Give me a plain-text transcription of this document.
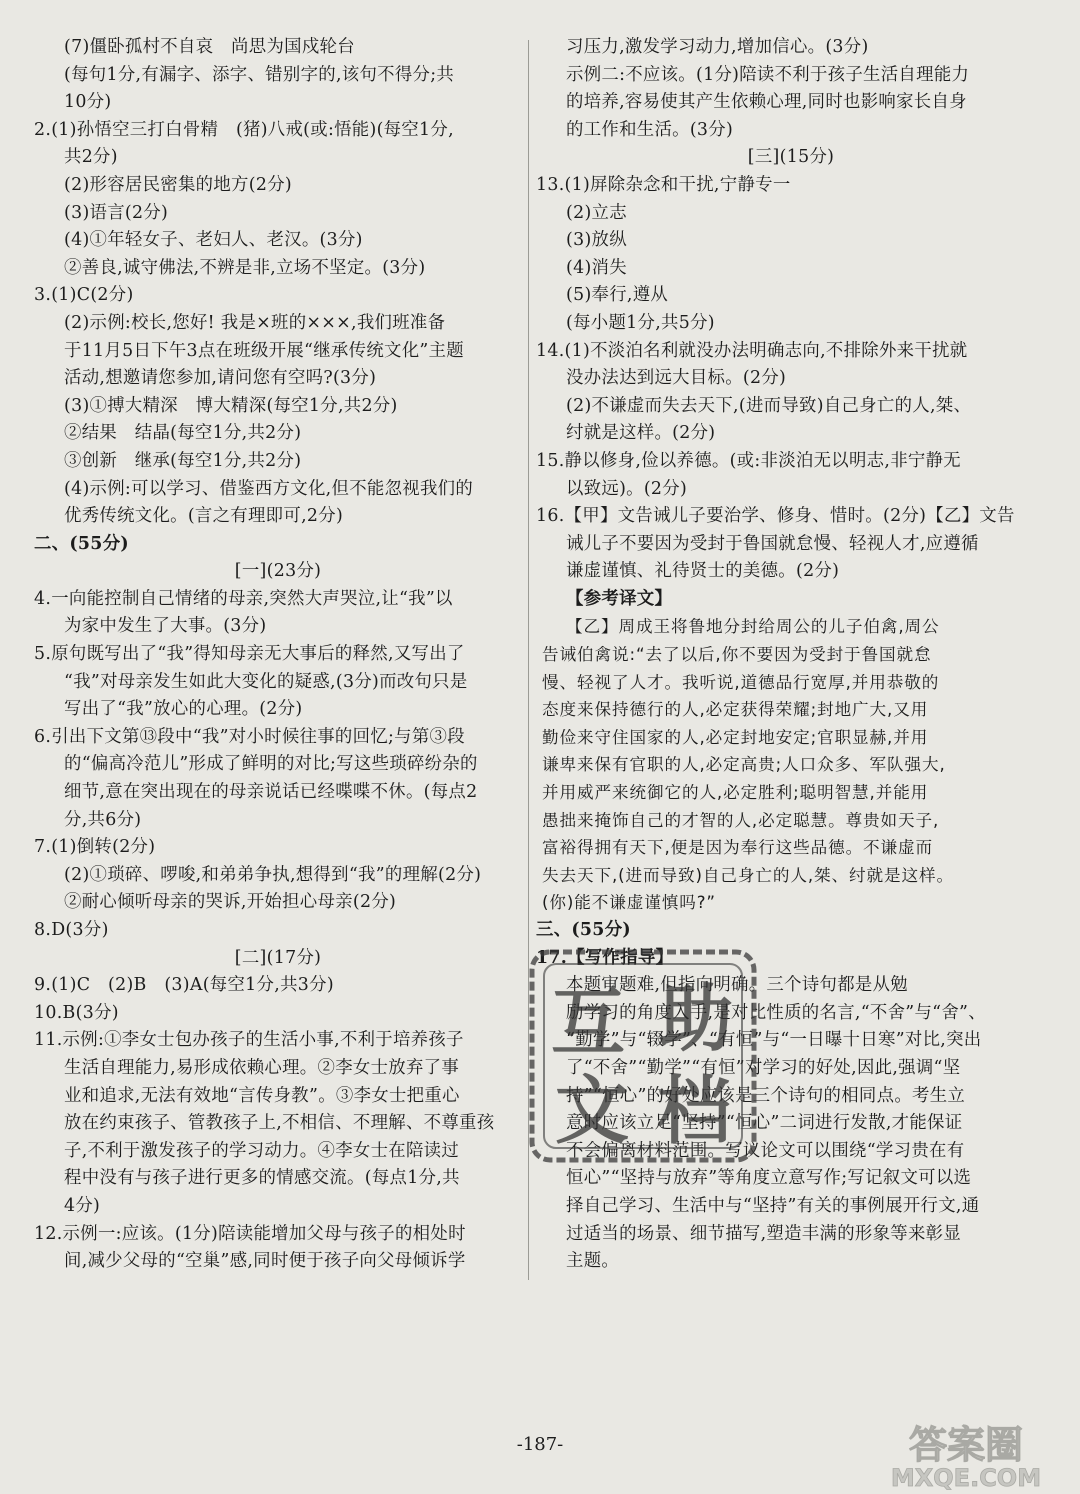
(7)僵卧孤村不自哀　尚思为国戍轮台
(每句1分,有漏字、添字、错别字的,该句不得分;共
10分)
2.(1)孙悟空三打白骨精　(猪)八戒(或:悟能)(每空1分,
共2分)
(2)形容居民密集的地方(2分)
(3)语言(2分)
(4)①年轻女子、老妇人、老汉。(3分)
②善良,诚守佛法,不辨是非,立场不坚定。(3分)
3.(1)C(2分)
(2)示例:校长,您好! 我是×班的×××,我们班准备
于11月5日下午3点在班级开展“继承传统文化”主题
活动,想邀请您参加,请问您有空吗?(3分)
(3)①搏大精深　博大精深(每空1分,共2分)
②结果　结晶(每空1分,共2分)
③创新　继承(每空1分,共2分)
(4)示例:可以学习、借鉴西方文化,但不能忽视我们的
优秀传统文化。(言之有理即可,2分)
二、(55分)
[一](23分)
4.一向能控制自己情绪的母亲,突然大声哭泣,让“我”以
为家中发生了大事。(3分)
5.原句既写出了“我”得知母亲无大事后的释然,又写出了
“我”对母亲发生如此大变化的疑惑,(3分)而改句只是
写出了“我”放心的心理。(2分)
6.引出下文第⑬段中“我”对小时候往事的回忆;与第③段
的“偏高冷范儿”形成了鲜明的对比;写这些琐碎纷杂的
细节,意在突出现在的母亲说话已经喋喋不休。(每点2
分,共6分)
7.(1)倒转(2分)
(2)①琐碎、啰唆,和弟弟争执,想得到“我”的理解(2分)
②耐心倾听母亲的哭诉,开始担心母亲(2分)
8.D(3分)
[二](17分)
9.(1)C　(2)B　(3)A(每空1分,共3分)
10.B(3分)
11.示例:①李女士包办孩子的生活小事,不利于培养孩子
生活自理能力,易形成依赖心理。②李女士放弃了事
业和追求,无法有效地“言传身教”。③李女士把重心
放在约束孩子、管教孩子上,不相信、不理解、不尊重孩
子,不利于激发孩子的学习动力。④李女士在陪读过
程中没有与孩子进行更多的情感交流。(每点1分,共
4分)
12.示例一:应该。(1分)陪读能增加父母与孩子的相处时
间,减少父母的“空巢”感,同时便于孩子向父母倾诉学
习压力,激发学习动力,增加信心。(3分)
示例二:不应该。(1分)陪读不利于孩子生活自理能力
的培养,容易使其产生依赖心理,同时也影响家长自身
的工作和生活。(3分)
[三](15分)
13.(1)屏除杂念和干扰,宁静专一
(2)立志
(3)放纵
(4)消失
(5)奉行,遵从
(每小题1分,共5分)
14.(1)不淡泊名利就没办法明确志向,不排除外来干扰就
没办法达到远大目标。(2分)
(2)不谦虚而失去天下,(进而导致)自己身亡的人,桀、
纣就是这样。(2分)
15.静以修身,俭以养德。(或:非淡泊无以明志,非宁静无
以致远)。(2分)
16.【甲】文告诫儿子要治学、修身、惜时。(2分)【乙】文告
诫儿子不要因为受封于鲁国就怠慢、轻视人才,应遵循
谦虚谨慎、礼待贤士的美德。(2分)
【参考译文】
【乙】周成王将鲁地分封给周公的儿子伯禽,周公
告诫伯禽说:“去了以后,你不要因为受封于鲁国就怠
慢、轻视了人才。我听说,道德品行宽厚,并用恭敬的
态度来保持德行的人,必定获得荣耀;封地广大,又用
勤俭来守住国家的人,必定封地安定;官职显赫,并用
谦卑来保有官职的人,必定高贵;人口众多、军队强大,
并用威严来统御它的人,必定胜利;聪明智慧,并能用
愚拙来掩饰自己的才智的人,必定聪慧。尊贵如天子,
富裕得拥有天下,便是因为奉行这些品德。不谦虚而
失去天下,(进而导致)自己身亡的人,桀、纣就是这样。
(你)能不谦虚谨慎吗?”
三、(55分)
17.【写作指导】
本题审题难,但指向明确。三个诗句都是从勉
励学习的角度入手,是对比性质的名言,“不舍”与“舍”、
“勤学”与“辍学”、“有恒”与“一日曝十日寒”对比,突出
了“不舍”“勤学”“有恒”对学习的好处,因此,强调“坚
持”“恒心”的好处应该是三个诗句的相同点。考生立
意时应该立足“坚持”“恒心”二词进行发散,才能保证
不会偏离材料范围。写议论文可以围绕“学习贵在有
恒心”“坚持与放弃”等角度立意写作;写记叙文可以选
择自己学习、生活中与“坚持”有关的事例展开行文,通
过适当的场景、细节描写,塑造丰满的形象等来彰显
主题。
-187-
互 助
文 档
答案圈
MXQE.COM
